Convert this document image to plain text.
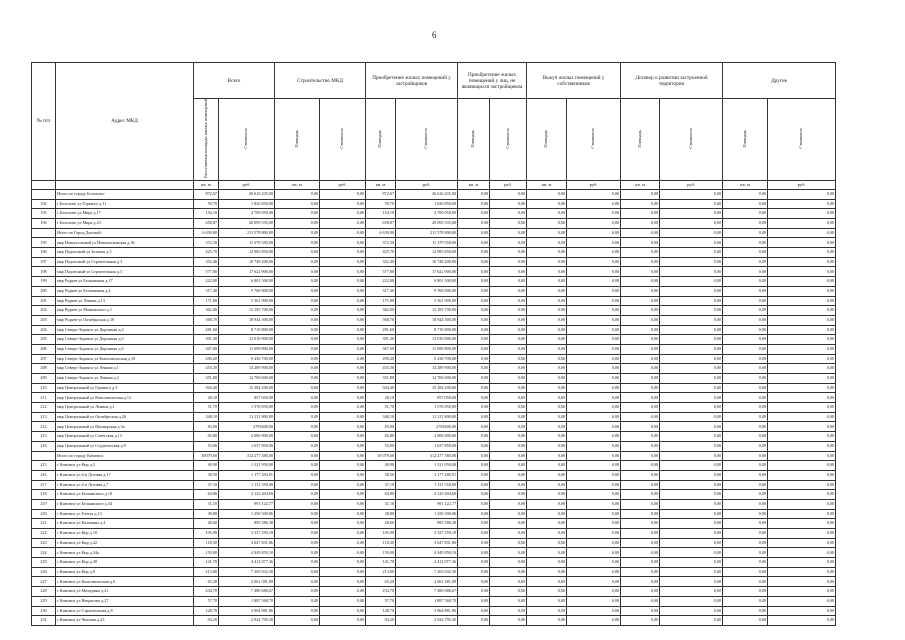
6
№ п/п	Адрес МКД	Всего		Строительство МКД		Приобретение жилых помещений у застройщиков		Приобретение жилых помещений у лиц, не являющихся застройщиком		Выкуп жилых помещений у собственников		Договор о развитии застроенной территории		Другие	
		Расселяемая площадь жилых помещений	Стоимость	Площадь	Стоимость	Площадь	Стоимость	Площадь	Стоимость	Площадь	Стоимость	Площадь	Стоимость	Площадь	Стоимость
		кв. м	руб.	кв. м	руб.	кв. м	руб.	кв. м	руб.	кв. м	руб.	кв. м	руб.	кв. м	руб.
	Итого по городу Болохово:	872,67	26 616 435,00	0,00	0,00	872,67	26 616 435,00	0,00	0,00	0,00	0,00	0,00	0,00	0,00	0,00
192	г Болохово ул Горького д.11	59,70	1 820 850,00	0,00	0,00	59,70	1 820 850,00	0,00	0,00	0,00	0,00	0,00	0,00	0,00	0,00
193	г Болохово ул Мира д.17	154,10	4 700 050,00	0,00	0,00	154,10	4 700 050,00	0,00	0,00	0,00	0,00	0,00	0,00	0,00	0,00
194	г Болохово ул Мира д.23	658,87	20 095 535,00	0,00	0,00	658,87	20 095 535,00	0,00	0,00	0,00	0,00	0,00	0,00	0,00	0,00
	Итого по Город Донской:	6 639,80	211 578 800,00	0,00	0,00	6 639,80	211 578 800,00	0,00	0,00	0,00	0,00	0,00	0,00	0,00	0,00
195	мкр Новоугольный ул Новомосковская д.36	372,50	11 379 550,00	0,00	0,00	372,50	11 379 550,00	0,00	0,00	0,00	0,00	0,00	0,00	0,00	0,00
196	мкр Подлесный ул Зеленая д.3	425,70	12 983 850,00	0,00	0,00	425,70	12 983 850,00	0,00	0,00	0,00	0,00	0,00	0,00	0,00	0,00
197	мкр Подлесный ул Строительная д.3	352,40	10 748 200,00	0,00	0,00	352,40	10 748 200,00	0,00	0,00	0,00	0,00	0,00	0,00	0,00	0,00
198	мкр Подлесный ул Строительная д.5	577,80	17 622 900,00	0,00	0,00	577,80	17 622 900,00	0,00	0,00	0,00	0,00	0,00	0,00	0,00	0,00
199	мкр Руднев ул Бельничная д.17	222,00	6 801 500,00	0,00	0,00	222,00	6 801 500,00	0,00	0,00	0,00	0,00	0,00	0,00	0,00	0,00
200	мкр Руднев ул Бельничная д.4	317,40	9 760 900,00	0,00	0,00	317,40	9 760 900,00	0,00	0,00	0,00	0,00	0,00	0,00	0,00	0,00
201	мкр Руднев ул Ленина д.13	171,80	5 361 900,00	0,00	0,00	171,80	5 361 900,00	0,00	0,00	0,00	0,00	0,00	0,00	0,00	0,00
202	мкр Руднев ул Машовского д.1	362,00	12 183 700,00	0,00	0,00	362,00	12 183 700,00	0,00	0,00	0,00	0,00	0,00	0,00	0,00	0,00
203	мкр Руднев ул Октябрьская д.10	568,70	18 944 300,00	0,00	0,00	568,70	18 944 300,00	0,00	0,00	0,00	0,00	0,00	0,00	0,00	0,00
204	мкр Северо-Задонск ул Дорожная д.2	281,60	8 710 800,00	0,00	0,00	281,60	8 710 800,00	0,00	0,00	0,00	0,00	0,00	0,00	0,00	0,00
205	мкр Северо-Задонск ул Дорожная д.5	391,30	12 010 900,00	0,00	0,00	391,30	12 010 900,00	0,00	0,00	0,00	0,00	0,00	0,00	0,00	0,00
206	мкр Северо-Задонск ул Дорожная д.6	367,00	11 699 800,00	0,00	0,00	367,00	11 699 800,00	0,00	0,00	0,00	0,00	0,00	0,00	0,00	0,00
207	мкр Северо-Задонск ул Комсомольская д.10	290,20	9 436 700,00	0,00	0,00	290,20	9 436 700,00	0,00	0,00	0,00	0,00	0,00	0,00	0,00	0,00
208	мкр Северо-Задонск ул Ленина д.1	453,30	14 289 900,00	0,00	0,00	453,30	14 289 900,00	0,00	0,00	0,00	0,00	0,00	0,00	0,00	0,00
209	мкр Северо-Задонск ул Ленина д.2	351,80	12 700 600,00	0,00	0,00	351,80	12 700 600,00	0,00	0,00	0,00	0,00	0,00	0,00	0,00	0,00
210	мкр Центральный ул Горького д.3	504,40	15 384 200,00	0,00	0,00	504,40	15 384 200,00	0,00	0,00	0,00	0,00	0,00	0,00	0,00	0,00
211	мкр Центральный ул Комсомольская д.12	28,10	857 050,00	0,00	0,00	28,10	857 050,00	0,00	0,00	0,00	0,00	0,00	0,00	0,00	0,00
212	мкр Центральный ул Ленина д.1	51,70	1 576 850,00	0,00	0,00	51,70	1 576 850,00	0,00	0,00	0,00	0,00	0,00	0,00	0,00	0,00
213	мкр Центральный ул Октябрьская д.26	348,10	11 211 800,00	0,00	0,00	348,10	11 211 800,00	0,00	0,00	0,00	0,00	0,00	0,00	0,00	0,00
214	мкр Центральный ул Пионерская д.3а	83,00	2781600,00	0,00	0,00	83,00	2781600,00	0,00	0,00	0,00	0,00	0,00	0,00	0,00	0,00
215	мкр Центральный ул Советская д.13	65,80	2 006 900,00	0,00	0,00	65,80	2 006 900,00	0,00	0,00	0,00	0,00	0,00	0,00	0,00	0,00
216	мкр Центральный ул Студенческая д.9	53,00	1 637 850,00	0,00	0,00	53,00	1 637 850,00	0,00	0,00	0,00	0,00	0,00	0,00	0,00	0,00
	Итого по городу Кимовск:	10079,60	312 277 380,00	0,00	0,00	10 079,60	312 277 380,00	0,00	0,00	0,00	0,00	0,00	0,00	0,00	0,00
215	г Кимовск ул Кир д.2	49,90	1 521 950,00	0,00	0,00	49,90	1 521 950,00	0,00	0,00	0,00	0,00	0,00	0,00	0,00	0,00
216	г Кимовск ул 4-я Луговая д.17	38,50	1 177 294,91	0,00	0,00	38,50	1 177 280,91	0,00	0,00	0,00	0,00	0,00	0,00	0,00	0,00
217	г Кимовск ул 4-я Луговая д.7	37,10	1 131 550,00	0,00	0,00	37,10	1 131 550,00	0,00	0,00	0,00	0,00	0,00	0,00	0,00	0,00
218	г Кимовск ул Бельинского д.18	64,80	2 125 404,69	0,00	0,00	64,80	2 125 404,69	0,00	0,00	0,00	0,00	0,00	0,00	0,00	0,00
219	г Кимовск ул Бельинского д.34	31,10	991 122,77	0,00	0,00	31,10	991 122,77	0,00	0,00	0,00	0,00	0,00	0,00	0,00	0,00
220	г Кимовск ул Гоголя д.13	38,80	1 250 300,06	0,00	0,00	38,80	1 250 300,06	0,00	0,00	0,00	0,00	0,00	0,00	0,00	0,00
221	г Кимовск ул Калинина д.4	28,60	893 586,38	0,00	0,00	28,60	893 586,38	0,00	0,00	0,00	0,00	0,00	0,00	0,00	0,00
222	г Кимовск ул Кир д.10	105,90	3 327 259,18	0,00	0,00	105,90	3 327 259,18	0,00	0,00	0,00	0,00	0,00	0,00	0,00	0,00
223	г Кимовск ул Кир д.22	118,30	3 647 831,86	0,00	0,00	118,30	3 647 831,86	0,00	0,00	0,00	0,00	0,00	0,00	0,00	0,00
224	г Кимовск ул Кир д.24а	159,00	4 949 850,10	0,00	0,00	159,00	4 949 850,10	0,00	0,00	0,00	0,00	0,00	0,00	0,00	0,00
225	г Кимовск ул Кир д.38	141,70	4 413 077,36	0,00	0,00	141,70	4 413 077,36	0,00	0,00	0,00	0,00	0,00	0,00	0,00	0,00
226	г Кимовск ул Кир д.8	213,00	7 265 032,30	0,00	0,00	213,00	7 265 032,30	0,00	0,00	0,00	0,00	0,00	0,00	0,00	0,00
227	г Кимовск ул Комсомольская д.6	65,20	2 061 581,89	0,00	0,00	65,20	2 061 581,89	0,00	0,00	0,00	0,00	0,00	0,00	0,00	0,00
228	г Кимовск ул Мичурина д.21	234,70	7 480 686,67	0,00	0,00	234,70	7 480 686,67	0,00	0,00	0,00	0,00	0,00	0,00	0,00	0,00
229	г Кимовск ул Некрасова д.27	57,70	1 887 568,70	0,00	0,00	57,70	1 887 568,70	0,00	0,00	0,00	0,00	0,00	0,00	0,00	0,00
230	г Кимовск ул Строительная д.8	128,70	3 964 881,86	0,00	0,00	128,70	3 964 881,86	0,00	0,00	0,00	0,00	0,00	0,00	0,00	0,00
231	г Кимовск ул Чкалова д.23	94,20	2 924 795,30	0,00	0,00	94,20	2 924 795,30	0,00	0,00	0,00	0,00	0,00	0,00	0,00	0,00
